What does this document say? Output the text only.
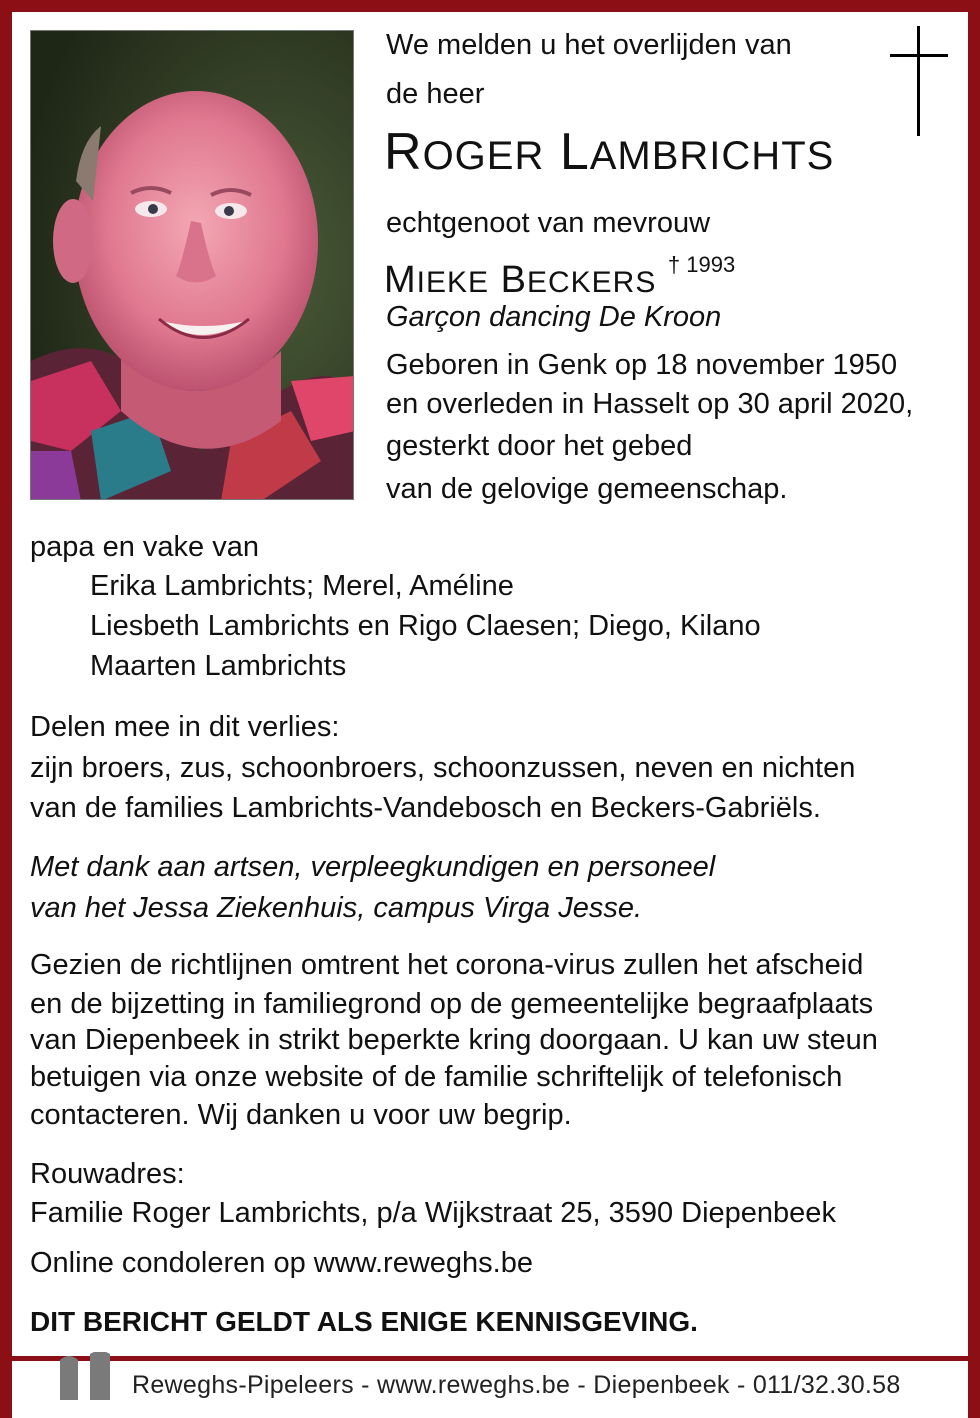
We melden u het overlijden van
de heer
ROGER LAMBRICHTS
echtgenoot van mevrouw
MIEKE BECKERS $^{\dagger 1993}$
Garçon dancing De Kroon
Geboren in Genk op 18 november 1950
en overleden in Hasselt op 30 april 2020,
gesterkt door het gebed
van de gelovige gemeenschap.
papa en vake van
Erika Lambrichts; Merel, Améline
Liesbeth Lambrichts en Rigo Claesen; Diego, Kilano
Maarten Lambrichts
Delen mee in dit verlies:
zijn broers, zus, schoonbroers, schoonzussen, neven en nichten
van de families Lambrichts-Vandebosch en Beckers-Gabriëls.
Met dank aan artsen, verpleegkundigen en personeel
van het Jessa Ziekenhuis, campus Virga Jesse.
Gezien de richtlijnen omtrent het corona-virus zullen het afscheid
en de bijzetting in familiegrond op de gemeentelijke begraafplaats
van Diepenbeek in strikt beperkte kring doorgaan. U kan uw steun
betuigen via onze website of de familie schriftelijk of telefonisch
contacteren. Wij danken u voor uw begrip.
Rouwadres:
Familie Roger Lambrichts, p/a Wijkstraat 25, 3590 Diepenbeek
Online condoleren op www.reweghs.be
DIT BERICHT GELDT ALS ENIGE KENNISGEVING.
Reweghs-Pipeleers - www.reweghs.be - Diepenbeek - 011/32.30.58
